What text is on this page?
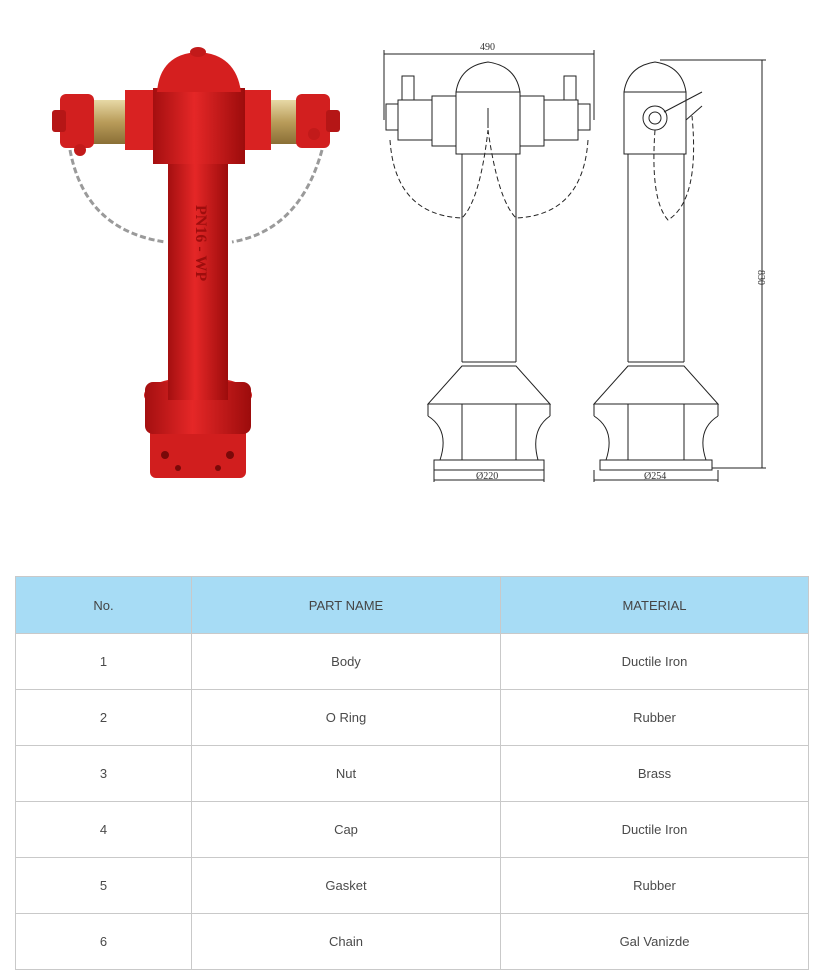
PN16 - WP
490
Ø220	Ø254
830
No.	PART NAME	MATERIAL
1	Body	Ductile Iron
2	O Ring	Rubber
3	Nut	Brass
4	Cap	Ductile Iron
5	Gasket	Rubber
6	Chain	Gal Vanizde
